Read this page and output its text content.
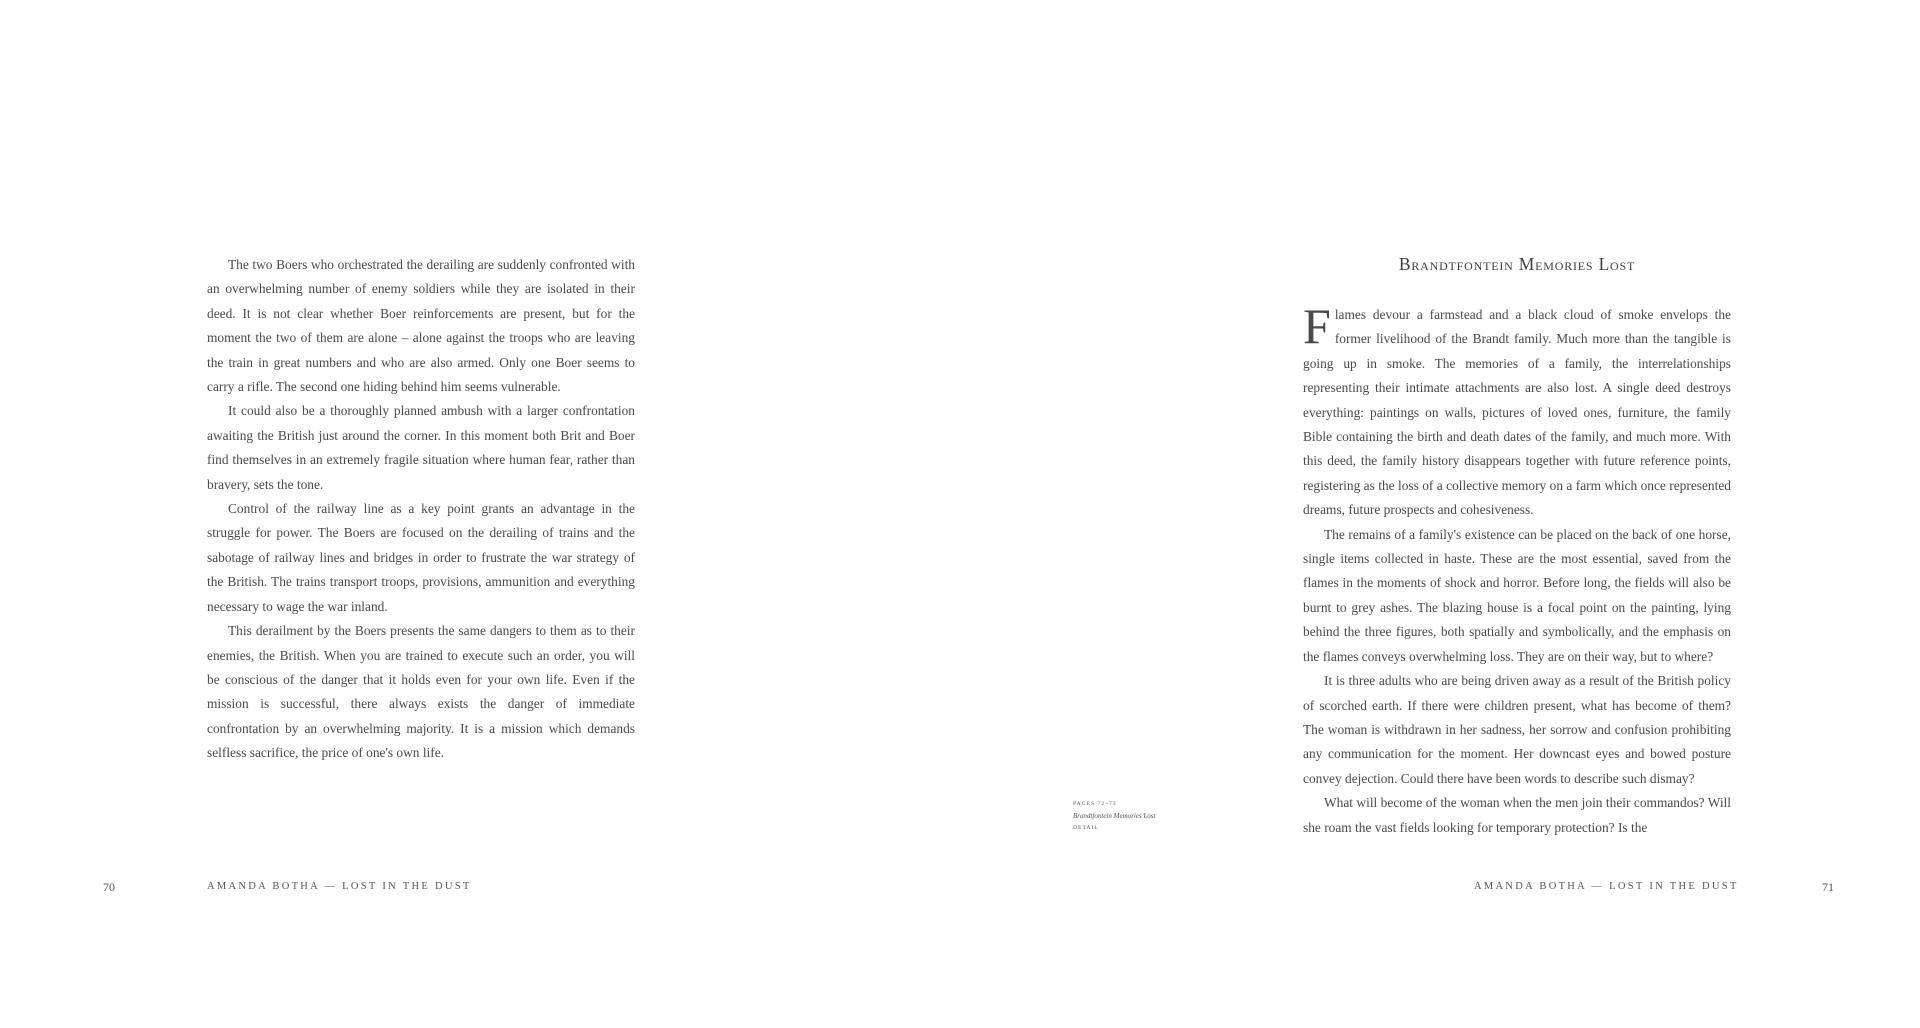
The two Boers who orchestrated the derailing are suddenly confronted with an overwhelming number of enemy soldiers while they are isolated in their deed. It is not clear whether Boer reinforcements are present, but for the moment the two of them are alone – alone against the troops who are leaving the train in great numbers and who are also armed. Only one Boer seems to carry a rifle. The second one hiding behind him seems vulnerable.

It could also be a thoroughly planned ambush with a larger confrontation awaiting the British just around the corner. In this moment both Brit and Boer find themselves in an extremely fragile situation where human fear, rather than bravery, sets the tone.

Control of the railway line as a key point grants an advantage in the struggle for power. The Boers are focused on the derailing of trains and the sabotage of railway lines and bridges in order to frustrate the war strategy of the British. The trains transport troops, provisions, ammunition and everything necessary to wage the war inland.

This derailment by the Boers presents the same dangers to them as to their enemies, the British. When you are trained to execute such an order, you will be conscious of the danger that it holds even for your own life. Even if the mission is successful, there always exists the danger of immediate confrontation by an overwhelming majority. It is a mission which demands selfless sacrifice, the price of one's own life.

70	AMANDA BOTHA — LOST IN THE DUST
PAGES 72–73
Brandtfontein Memories Lost
DETAIL
Brandtfontein Memories Lost

Flames devour a farmstead and a black cloud of smoke envelops the former livelihood of the Brandt family. Much more than the tangible is going up in smoke. The memories of a family, the interrelationships representing their intimate attachments are also lost. A single deed destroys everything: paintings on walls, pictures of loved ones, furniture, the family Bible containing the birth and death dates of the family, and much more. With this deed, the family history disappears together with future reference points, registering as the loss of a collective memory on a farm which once represented dreams, future prospects and cohesiveness.

The remains of a family's existence can be placed on the back of one horse, single items collected in haste. These are the most essential, saved from the flames in the moments of shock and horror. Before long, the fields will also be burnt to grey ashes. The blazing house is a focal point on the painting, lying behind the three figures, both spatially and symbolically, and the emphasis on the flames conveys overwhelming loss. They are on their way, but to where?

It is three adults who are being driven away as a result of the British policy of scorched earth. If there were children present, what has become of them? The woman is withdrawn in her sadness, her sorrow and confusion prohibiting any communication for the moment. Her downcast eyes and bowed posture convey dejection. Could there have been words to describe such dismay?

What will become of the woman when the men join their commandos? Will she roam the vast fields looking for temporary protection? Is the

AMANDA BOTHA — LOST IN THE DUST	71
